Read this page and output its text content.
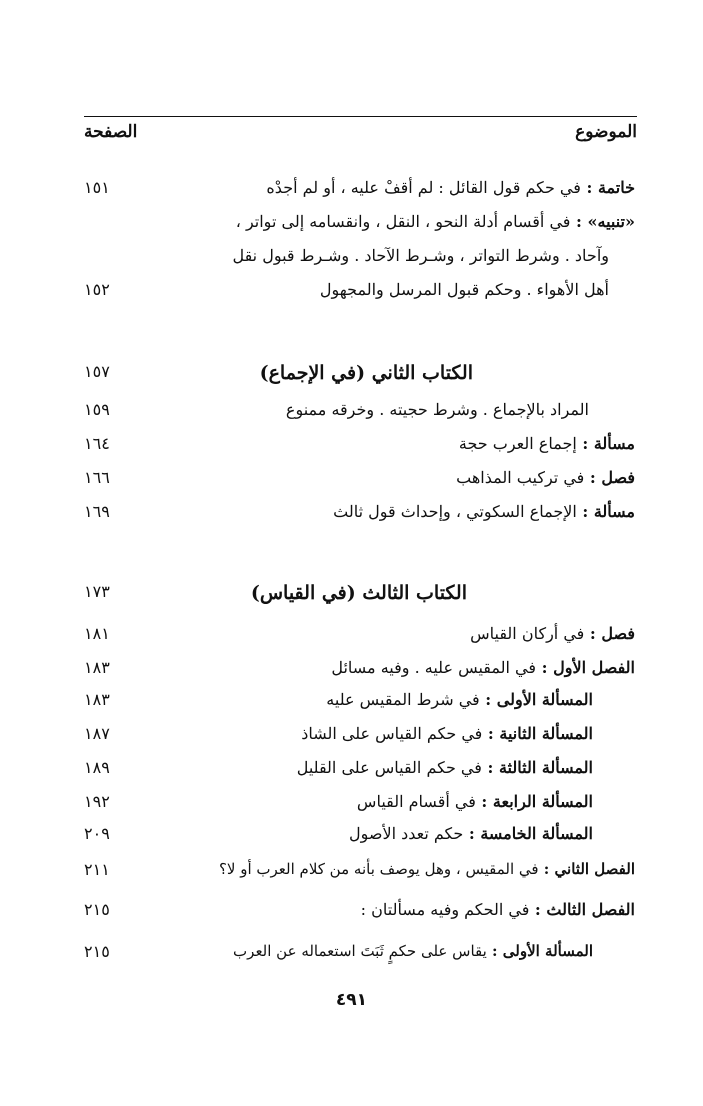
الموضوع
الصفحة
خاتمة : في حكم قول القائل : لم أقفْ عليه ، أو لم أجدْه
١٥١
«تنبيه» : في أقسام أدلة النحو ، النقل ، وانقسامه إلى تواتر ،
وآحاد . وشرط التواتر ، وشـرط الآحاد . وشـرط قبول نقل
أهل الأهواء . وحكم قبول المرسل والمجهول
١٥٢
الكتاب الثاني (في الإجماع)
١٥٧
المراد بالإجماع . وشرط حجيته . وخرقه ممنوع
١٥٩
مسألة : إجماع العرب حجة
١٦٤
فصل : في تركيب المذاهب
١٦٦
مسألة : الإجماع السكوتي ، وإحداث قول ثالث
١٦٩
الكتاب الثالث (في القياس)
١٧٣
فصل : في أركان القياس
١٨١
الفصل الأول : في المقيس عليه . وفيه مسائل
١٨٣
المسألة الأولى : في شرط المقيس عليه
١٨٣
المسألة الثانية : في حكم القياس على الشاذ
١٨٧
المسألة الثالثة : في حكم القياس على القليل
١٨٩
المسألة الرابعة : في أقسام القياس
١٩٢
المسألة الخامسة : حكم تعدد الأصول
٢٠٩
الفصل الثاني : في المقيس ، وهل يوصف بأنه من كلام العرب أو لا؟
٢١١
الفصل الثالث : في الحكم وفيه مسألتان :
٢١٥
المسألة الأولى : يقاس على حكمٍ ثَبَتَ استعماله عن العرب
٢١٥
٤٩١
